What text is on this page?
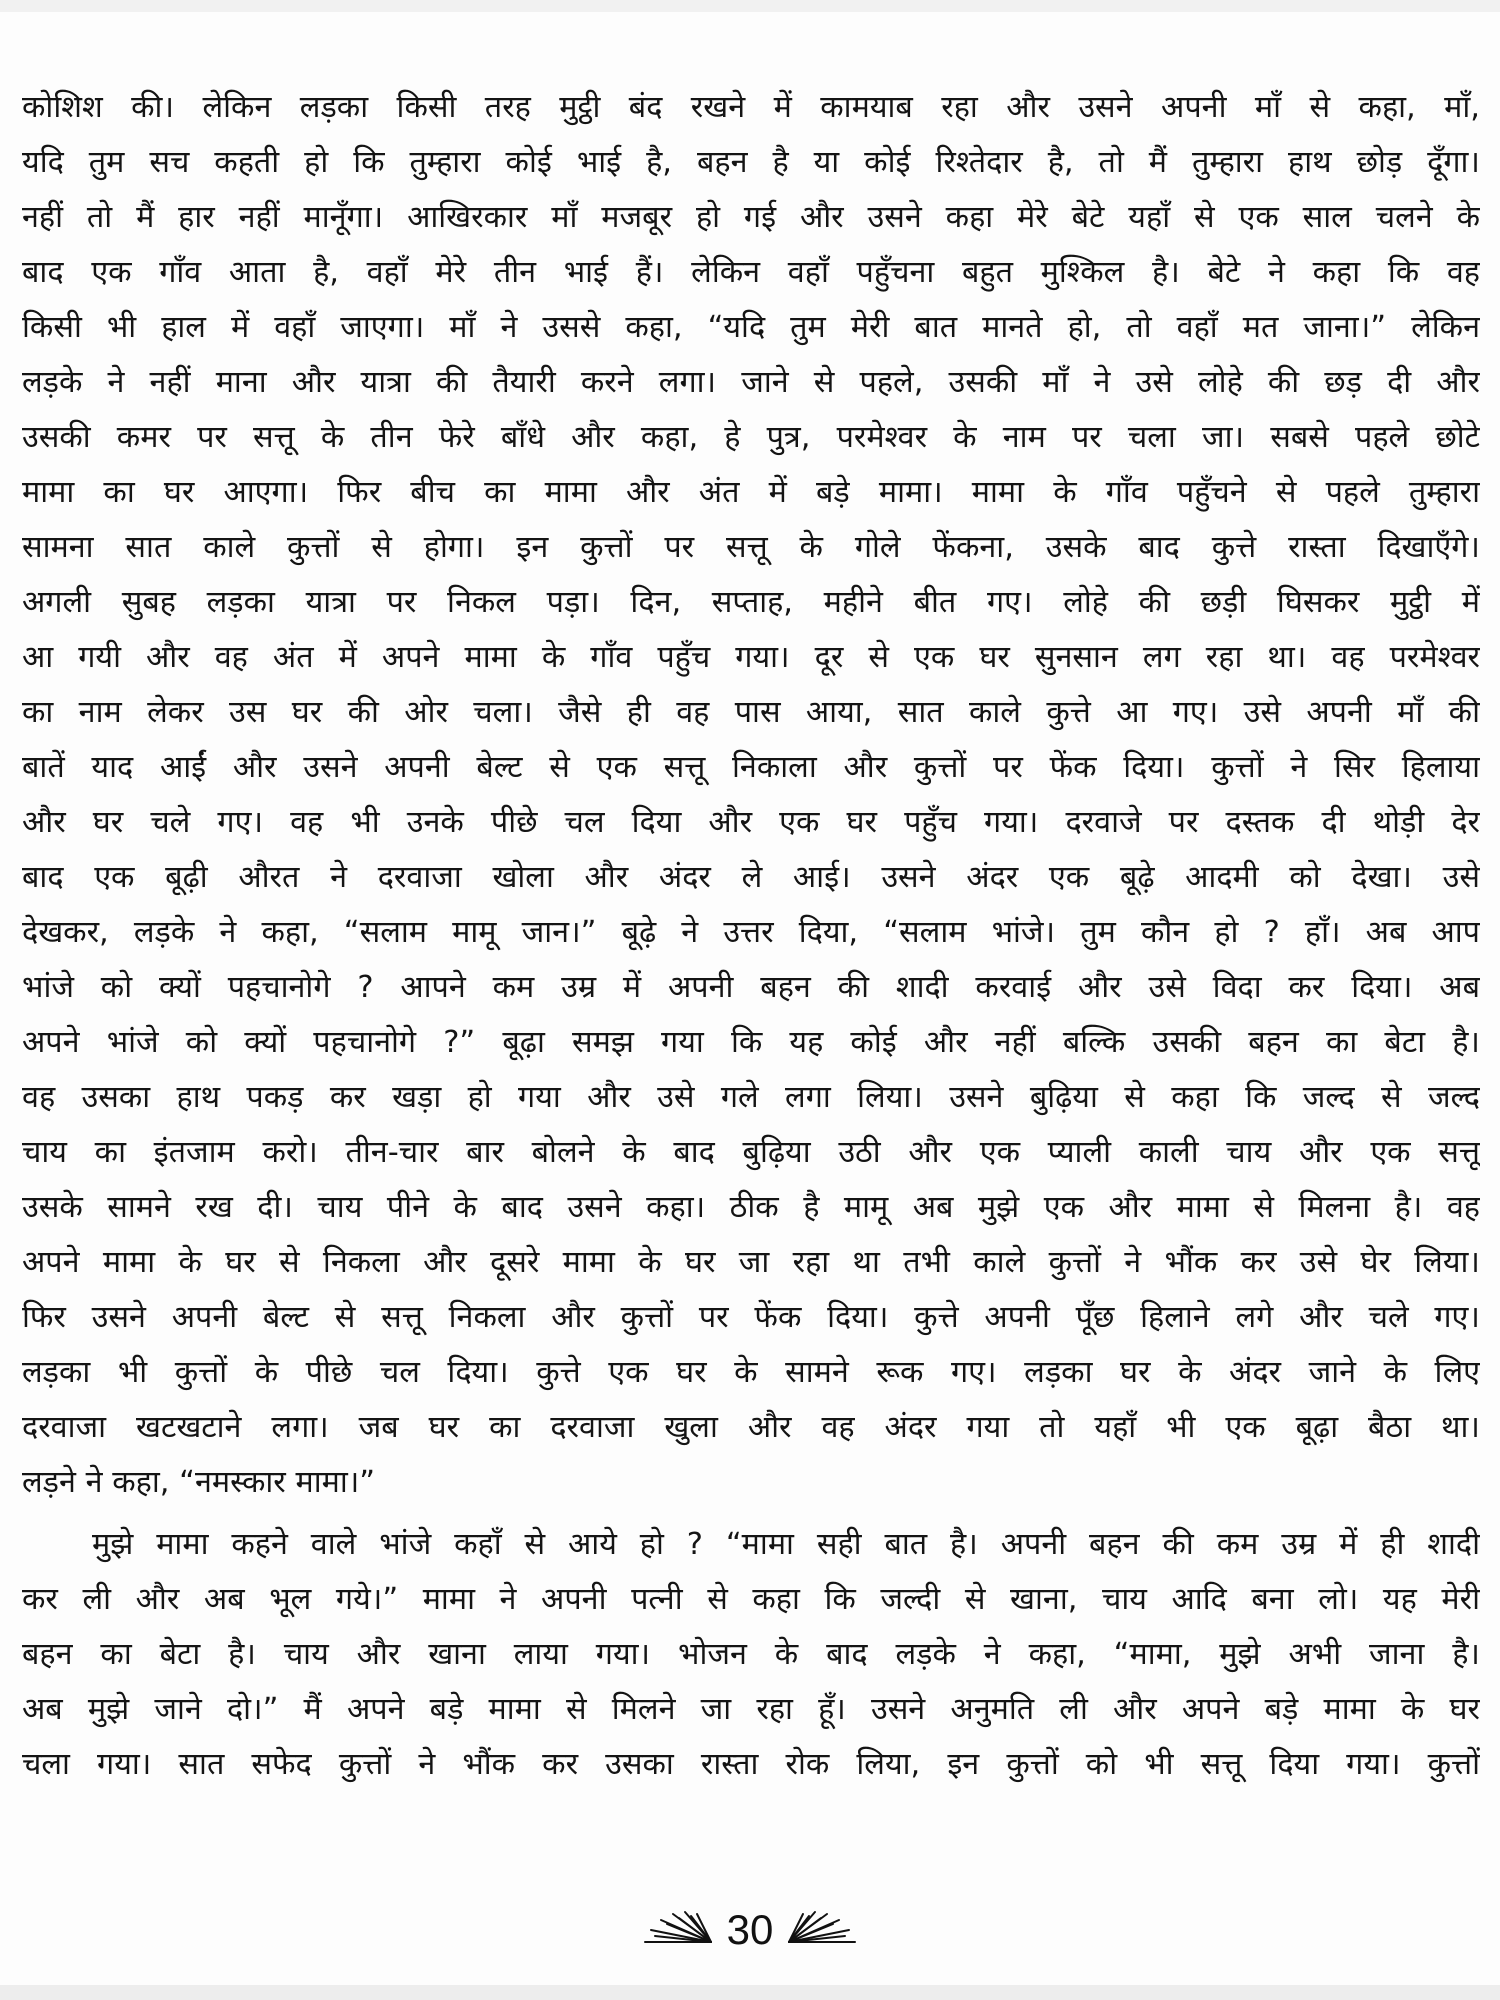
कोशिश की। लेकिन लड़का किसी तरह मुट्ठी बंद रखने में कामयाब रहा और उसने अपनी माँ से कहा, माँ,
यदि तुम सच कहती हो कि तुम्हारा कोई भाई है, बहन है या कोई रिश्तेदार है, तो मैं तुम्हारा हाथ छोड़ दूँगा।
नहीं तो मैं हार नहीं मानूँगा। आखिरकार माँ मजबूर हो गई और उसने कहा मेरे बेटे यहाँ से एक साल चलने के
बाद एक गाँव आता है, वहाँ मेरे तीन भाई हैं। लेकिन वहाँ पहुँचना बहुत मुश्किल है। बेटे ने कहा कि वह
किसी भी हाल में वहाँ जाएगा। माँ ने उससे कहा, “यदि तुम मेरी बात मानते हो, तो वहाँ मत जाना।” लेकिन
लड़के ने नहीं माना और यात्रा की तैयारी करने लगा। जाने से पहले, उसकी माँ ने उसे लोहे की छड़ दी और
उसकी कमर पर सत्तू के तीन फेरे बाँधे और कहा, हे पुत्र, परमेश्वर के नाम पर चला जा। सबसे पहले छोटे
मामा का घर आएगा। फिर बीच का मामा और अंत में बड़े मामा। मामा के गाँव पहुँचने से पहले तुम्हारा
सामना सात काले कुत्तों से होगा। इन कुत्तों पर सत्तू के गोले फेंकना, उसके बाद कुत्ते रास्ता दिखाएँगे।
अगली सुबह लड़का यात्रा पर निकल पड़ा। दिन, सप्ताह, महीने बीत गए। लोहे की छड़ी घिसकर मुट्ठी में
आ गयी और वह अंत में अपने मामा के गाँव पहुँच गया। दूर से एक घर सुनसान लग रहा था। वह परमेश्वर
का नाम लेकर उस घर की ओर चला। जैसे ही वह पास आया, सात काले कुत्ते आ गए। उसे अपनी माँ की
बातें याद आईं और उसने अपनी बेल्ट से एक सत्तू निकाला और कुत्तों पर फेंक दिया। कुत्तों ने सिर हिलाया
और घर चले गए। वह भी उनके पीछे चल दिया और एक घर पहुँच गया। दरवाजे पर दस्तक दी थोड़ी देर
बाद एक बूढ़ी औरत ने दरवाजा खोला और अंदर ले आई। उसने अंदर एक बूढ़े आदमी को देखा। उसे
देखकर, लड़के ने कहा, “सलाम मामू जान।” बूढ़े ने उत्तर दिया, “सलाम भांजे। तुम कौन हो ? हाँ। अब आप
भांजे को क्यों पहचानोगे ? आपने कम उम्र में अपनी बहन की शादी करवाई और उसे विदा कर दिया। अब
अपने भांजे को क्यों पहचानोगे ?” बूढ़ा समझ गया कि यह कोई और नहीं बल्कि उसकी बहन का बेटा है।
वह उसका हाथ पकड़ कर खड़ा हो गया और उसे गले लगा लिया। उसने बुढ़िया से कहा कि जल्द से जल्द
चाय का इंतजाम करो। तीन-चार बार बोलने के बाद बुढ़िया उठी और एक प्याली काली चाय और एक सत्तू
उसके सामने रख दी। चाय पीने के बाद उसने कहा। ठीक है मामू अब मुझे एक और मामा से मिलना है। वह
अपने मामा के घर से निकला और दूसरे मामा के घर जा रहा था तभी काले कुत्तों ने भौंक कर उसे घेर लिया।
फिर उसने अपनी बेल्ट से सत्तू निकला और कुत्तों पर फेंक दिया। कुत्ते अपनी पूँछ हिलाने लगे और चले गए।
लड़का भी कुत्तों के पीछे चल दिया। कुत्ते एक घर के सामने रूक गए। लड़का घर के अंदर जाने के लिए
दरवाजा खटखटाने लगा। जब घर का दरवाजा खुला और वह अंदर गया तो यहाँ भी एक बूढ़ा बैठा था।
लड़ने ने कहा, “नमस्कार मामा।”
मुझे मामा कहने वाले भांजे कहाँ से आये हो ? “मामा सही बात है। अपनी बहन की कम उम्र में ही शादी
कर ली और अब भूल गये।” मामा ने अपनी पत्नी से कहा कि जल्दी से खाना, चाय आदि बना लो। यह मेरी
बहन का बेटा है। चाय और खाना लाया गया। भोजन के बाद लड़के ने कहा, “मामा, मुझे अभी जाना है।
अब मुझे जाने दो।” मैं अपने बड़े मामा से मिलने जा रहा हूँ। उसने अनुमति ली और अपने बड़े मामा के घर
चला गया। सात सफेद कुत्तों ने भौंक कर उसका रास्ता रोक लिया, इन कुत्तों को भी सत्तू दिया गया। कुत्तों
30
